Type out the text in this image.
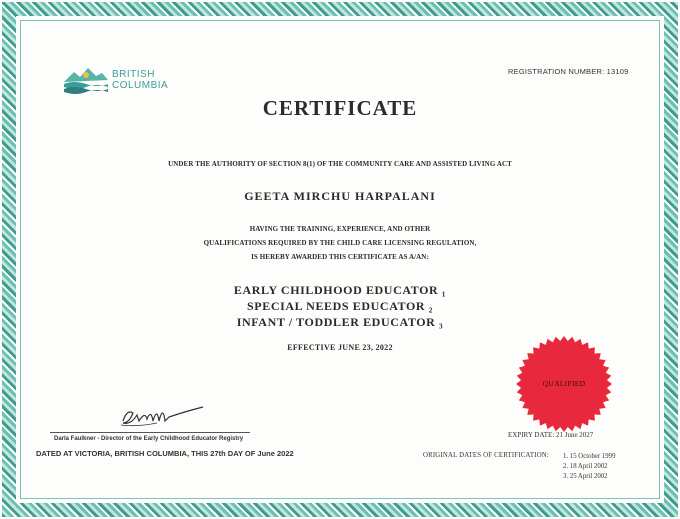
BRITISH
COLUMBIA
REGISTRATION NUMBER: 13109
CERTIFICATE
UNDER THE AUTHORITY OF SECTION 8(1) OF THE COMMUNITY CARE AND ASSISTED LIVING ACT
GEETA MIRCHU HARPALANI
HAVING THE TRAINING, EXPERIENCE, AND OTHER
QUALIFICATIONS REQUIRED BY THE CHILD CARE LICENSING REGULATION,
IS HEREBY AWARDED THIS CERTIFICATE AS A/AN:
EARLY CHILDHOOD EDUCATOR ₁
SPECIAL NEEDS EDUCATOR ₂
INFANT / TODDLER EDUCATOR ₃
EFFECTIVE JUNE 23, 2022
QUALIFIED
Darla Faulkner - Director of the Early Childhood Educator Registry
DATED AT VICTORIA, BRITISH COLUMBIA, THIS 27th DAY OF June 2022
EXPIRY DATE: 21 June 2027
ORIGINAL DATES OF CERTIFICATION: 1. 15 October 1999
2. 18 April 2002
3. 25 April 2002
